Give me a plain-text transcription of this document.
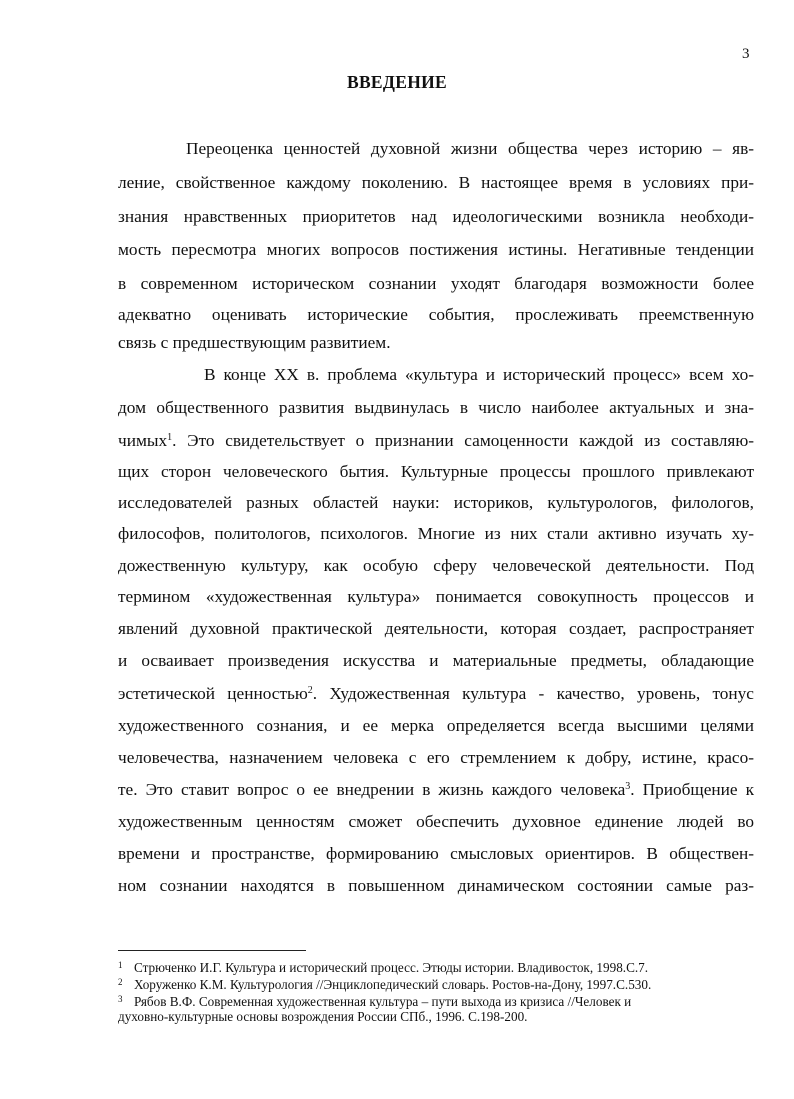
3
ВВЕДЕНИЕ
Переоценка ценностей духовной жизни общества через историю – яв-
ление, свойственное каждому поколению. В настоящее время в условиях при-
знания нравственных приоритетов над идеологическими возникла необходи-
мость пересмотра многих вопросов постижения истины. Негативные тенденции
в современном историческом сознании уходят благодаря возможности более
адекватно оценивать исторические события, прослеживать преемственную
связь с предшествующим развитием.
В конце XX в. проблема «культура и исторический процесс» всем хо-
дом общественного развития выдвинулась в число наиболее актуальных и зна-
чимых$^1$. Это свидетельствует о признании самоценности каждой из составляю-
щих сторон человеческого бытия. Культурные процессы прошлого привлекают
исследователей разных областей науки: историков, культурологов, филологов,
философов, политологов, психологов. Многие из них стали активно изучать ху-
дожественную культуру, как особую сферу человеческой деятельности. Под
термином «художественная культура» понимается совокупность процессов и
явлений духовной практической деятельности, которая создает, распространяет
и осваивает произведения искусства и материальные предметы, обладающие
эстетической ценностью$^2$. Художественная культура - качество, уровень, тонус
художественного сознания, и ее мерка определяется всегда высшими целями
человечества, назначением человека с его стремлением к добру, истине, красо-
те. Это ставит вопрос о ее внедрении в жизнь каждого человека$^3$. Приобщение к
художественным ценностям сможет обеспечить духовное единение людей во
времени и пространстве, формированию смысловых ориентиров. В обществен-
ном сознании находятся в повышенном динамическом состоянии самые раз-
1 Стрюченко И.Г. Культура и исторический процесс. Этюды истории. Владивосток, 1998.С.7.
2 Хоруженко К.М. Культурология //Энциклопедический словарь. Ростов-на-Дону, 1997.С.530.
3 Рябов В.Ф. Современная художественная культура – пути выхода из кризиса //Человек и
духовно-культурные основы возрождения России СПб., 1996. С.198-200.
